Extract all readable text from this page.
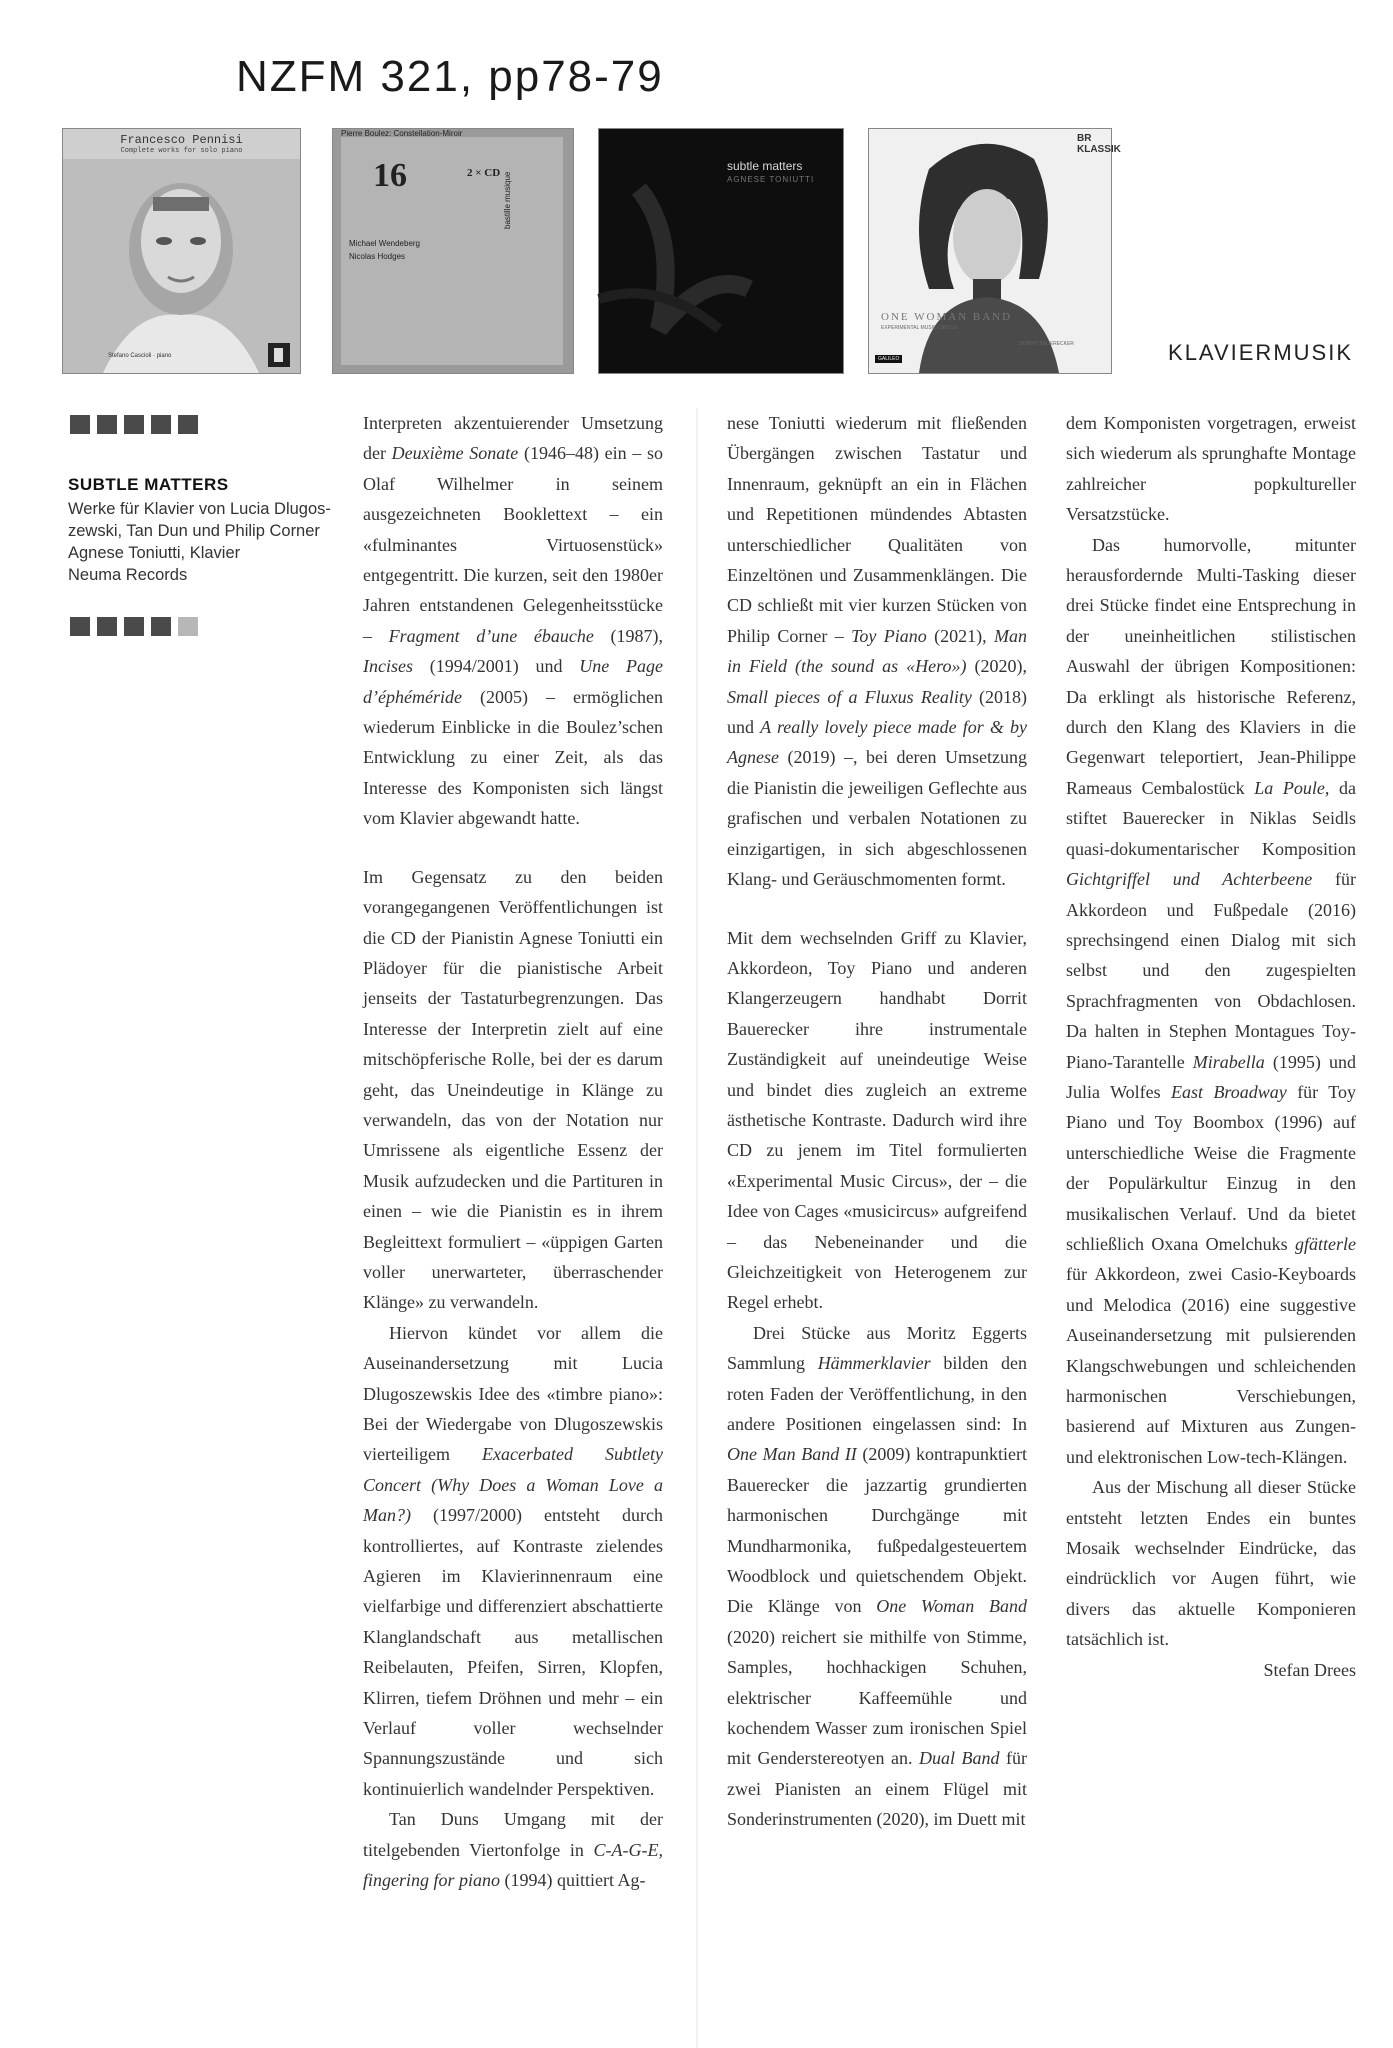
NZFM 321, pp78-79
Francesco Pennisi
Complete works for solo piano
Stefano Cascioli · piano
Pierre Boulez: Constellation-Miroir
16	2 × CD
Michael Wendeberg
Nicolas Hodges
bastille musique
subtle matters
AGNESE TONIUTTI
BR KLASSIK
ONE WOMAN BAND
EXPERIMENTAL MUSIC CIRCUS
DORRIT BAUERECKER
GALILEO	KLAVIERMUSIK
SUBTLE MATTERS
Werke für Klavier von Lucia Dlugos-
zewski, Tan Dun und Philip Corner
Agnese Toniutti, Klavier
Neuma Records

Interpreten akzentuierender Umsetzung der Deuxième Sonate (1946–48) ein – so Olaf Wilhelmer in seinem ausgezeichneten Booklettext – ein «fulminantes Virtuosenstück» entgegentritt. Die kurzen, seit den 1980er Jahren entstandenen Gelegenheitsstücke – Fragment d’une ébauche (1987), Incises (1994/2001) und Une Page d’éphéméride (2005) – ermöglichen wiederum Einblicke in die Boulez’schen Entwicklung zu einer Zeit, als das Interesse des Komponisten sich längst vom Klavier abgewandt hatte.

Im Gegensatz zu den beiden vorangegangenen Veröffentlichungen ist die CD der Pianistin Agnese Toniutti ein Plädoyer für die pianistische Arbeit jenseits der Tastaturbegrenzungen. Das Interesse der Interpretin zielt auf eine mitschöpferische Rolle, bei der es darum geht, das Uneindeutige in Klänge zu verwandeln, das von der Notation nur Umrissene als eigentliche Essenz der Musik aufzudecken und die Partituren in einen – wie die Pianistin es in ihrem Begleittext formuliert – «üppigen Garten voller unerwarteter, überraschender Klänge» zu verwandeln.

Hiervon kündet vor allem die Auseinandersetzung mit Lucia Dlugoszewskis Idee des «timbre piano»: Bei der Wiedergabe von Dlugoszewskis vierteiligem Exacerbated Subtlety Concert (Why Does a Woman Love a Man?) (1997/2000) entsteht durch kontrolliertes, auf Kontraste zielendes Agieren im Klavierinnenraum eine vielfarbige und differenziert abschattierte Klanglandschaft aus metallischen Reibelauten, Pfeifen, Sirren, Klopfen, Klirren, tiefem Dröhnen und mehr – ein Verlauf voller wechselnder Spannungszustände und sich kontinuierlich wandelnder Perspektiven.

Tan Duns Umgang mit der titelgebenden Viertonfolge in C-A-G-E, fingering for piano (1994) quittiert Ag-

nese Toniutti wiederum mit fließenden Übergängen zwischen Tastatur und Innenraum, geknüpft an ein in Flächen und Repetitionen mündendes Abtasten unterschiedlicher Qualitäten von Einzeltönen und Zusammenklängen. Die CD schließt mit vier kurzen Stücken von Philip Corner – Toy Piano (2021), Man in Field (the sound as «Hero») (2020), Small pieces of a Fluxus Reality (2018) und A really lovely piece made for & by Agnese (2019) –, bei deren Umsetzung die Pianistin die jeweiligen Geflechte aus grafischen und verbalen Notationen zu einzigartigen, in sich abgeschlossenen Klang- und Geräuschmomenten formt.

Mit dem wechselnden Griff zu Klavier, Akkordeon, Toy Piano und anderen Klangerzeugern handhabt Dorrit Bauerecker ihre instrumentale Zuständigkeit auf uneindeutige Weise und bindet dies zugleich an extreme ästhetische Kontraste. Dadurch wird ihre CD zu jenem im Titel formulierten «Experimental Music Circus», der – die Idee von Cages «musicircus» aufgreifend – das Nebeneinander und die Gleichzeitigkeit von Heterogenem zur Regel erhebt.

Drei Stücke aus Moritz Eggerts Sammlung Hämmerklavier bilden den roten Faden der Veröffentlichung, in den andere Positionen eingelassen sind: In One Man Band II (2009) kontrapunktiert Bauerecker die jazzartig grundierten harmonischen Durchgänge mit Mundharmonika, fußpedalgesteuertem Woodblock und quietschendem Objekt. Die Klänge von One Woman Band (2020) reichert sie mithilfe von Stimme, Samples, hochhackigen Schuhen, elektrischer Kaffeemühle und kochendem Wasser zum ironischen Spiel mit Genderstereotyen an. Dual Band für zwei Pianisten an einem Flügel mit Sonderinstrumenten (2020), im Duett mit

dem Komponisten vorgetragen, erweist sich wiederum als sprunghafte Montage zahlreicher popkultureller Versatzstücke.

Das humorvolle, mitunter herausfordernde Multi-Tasking dieser drei Stücke findet eine Entsprechung in der uneinheitlichen stilistischen Auswahl der übrigen Kompositionen: Da erklingt als historische Referenz, durch den Klang des Klaviers in die Gegenwart teleportiert, Jean-Philippe Rameaus Cembalostück La Poule, da stiftet Bauerecker in Niklas Seidls quasi-dokumentarischer Komposition Gichtgriffel und Achterbeene für Akkordeon und Fußpedale (2016) sprechsingend einen Dialog mit sich selbst und den zugespielten Sprachfragmenten von Obdachlosen. Da halten in Stephen Montagues Toy-Piano-Tarantelle Mirabella (1995) und Julia Wolfes East Broadway für Toy Piano und Toy Boombox (1996) auf unterschiedliche Weise die Fragmente der Populärkultur Einzug in den musikalischen Verlauf. Und da bietet schließlich Oxana Omelchuks gfätterle für Akkordeon, zwei Casio-Keyboards und Melodica (2016) eine suggestive Auseinandersetzung mit pulsierenden Klangschwebungen und schleichenden harmonischen Verschiebungen, basierend auf Mixturen aus Zungen- und elektronischen Low-tech-Klängen.

Aus der Mischung all dieser Stücke entsteht letzten Endes ein buntes Mosaik wechselnder Eindrücke, das eindrücklich vor Augen führt, wie divers das aktuelle Komponieren tatsächlich ist.

Stefan Drees
